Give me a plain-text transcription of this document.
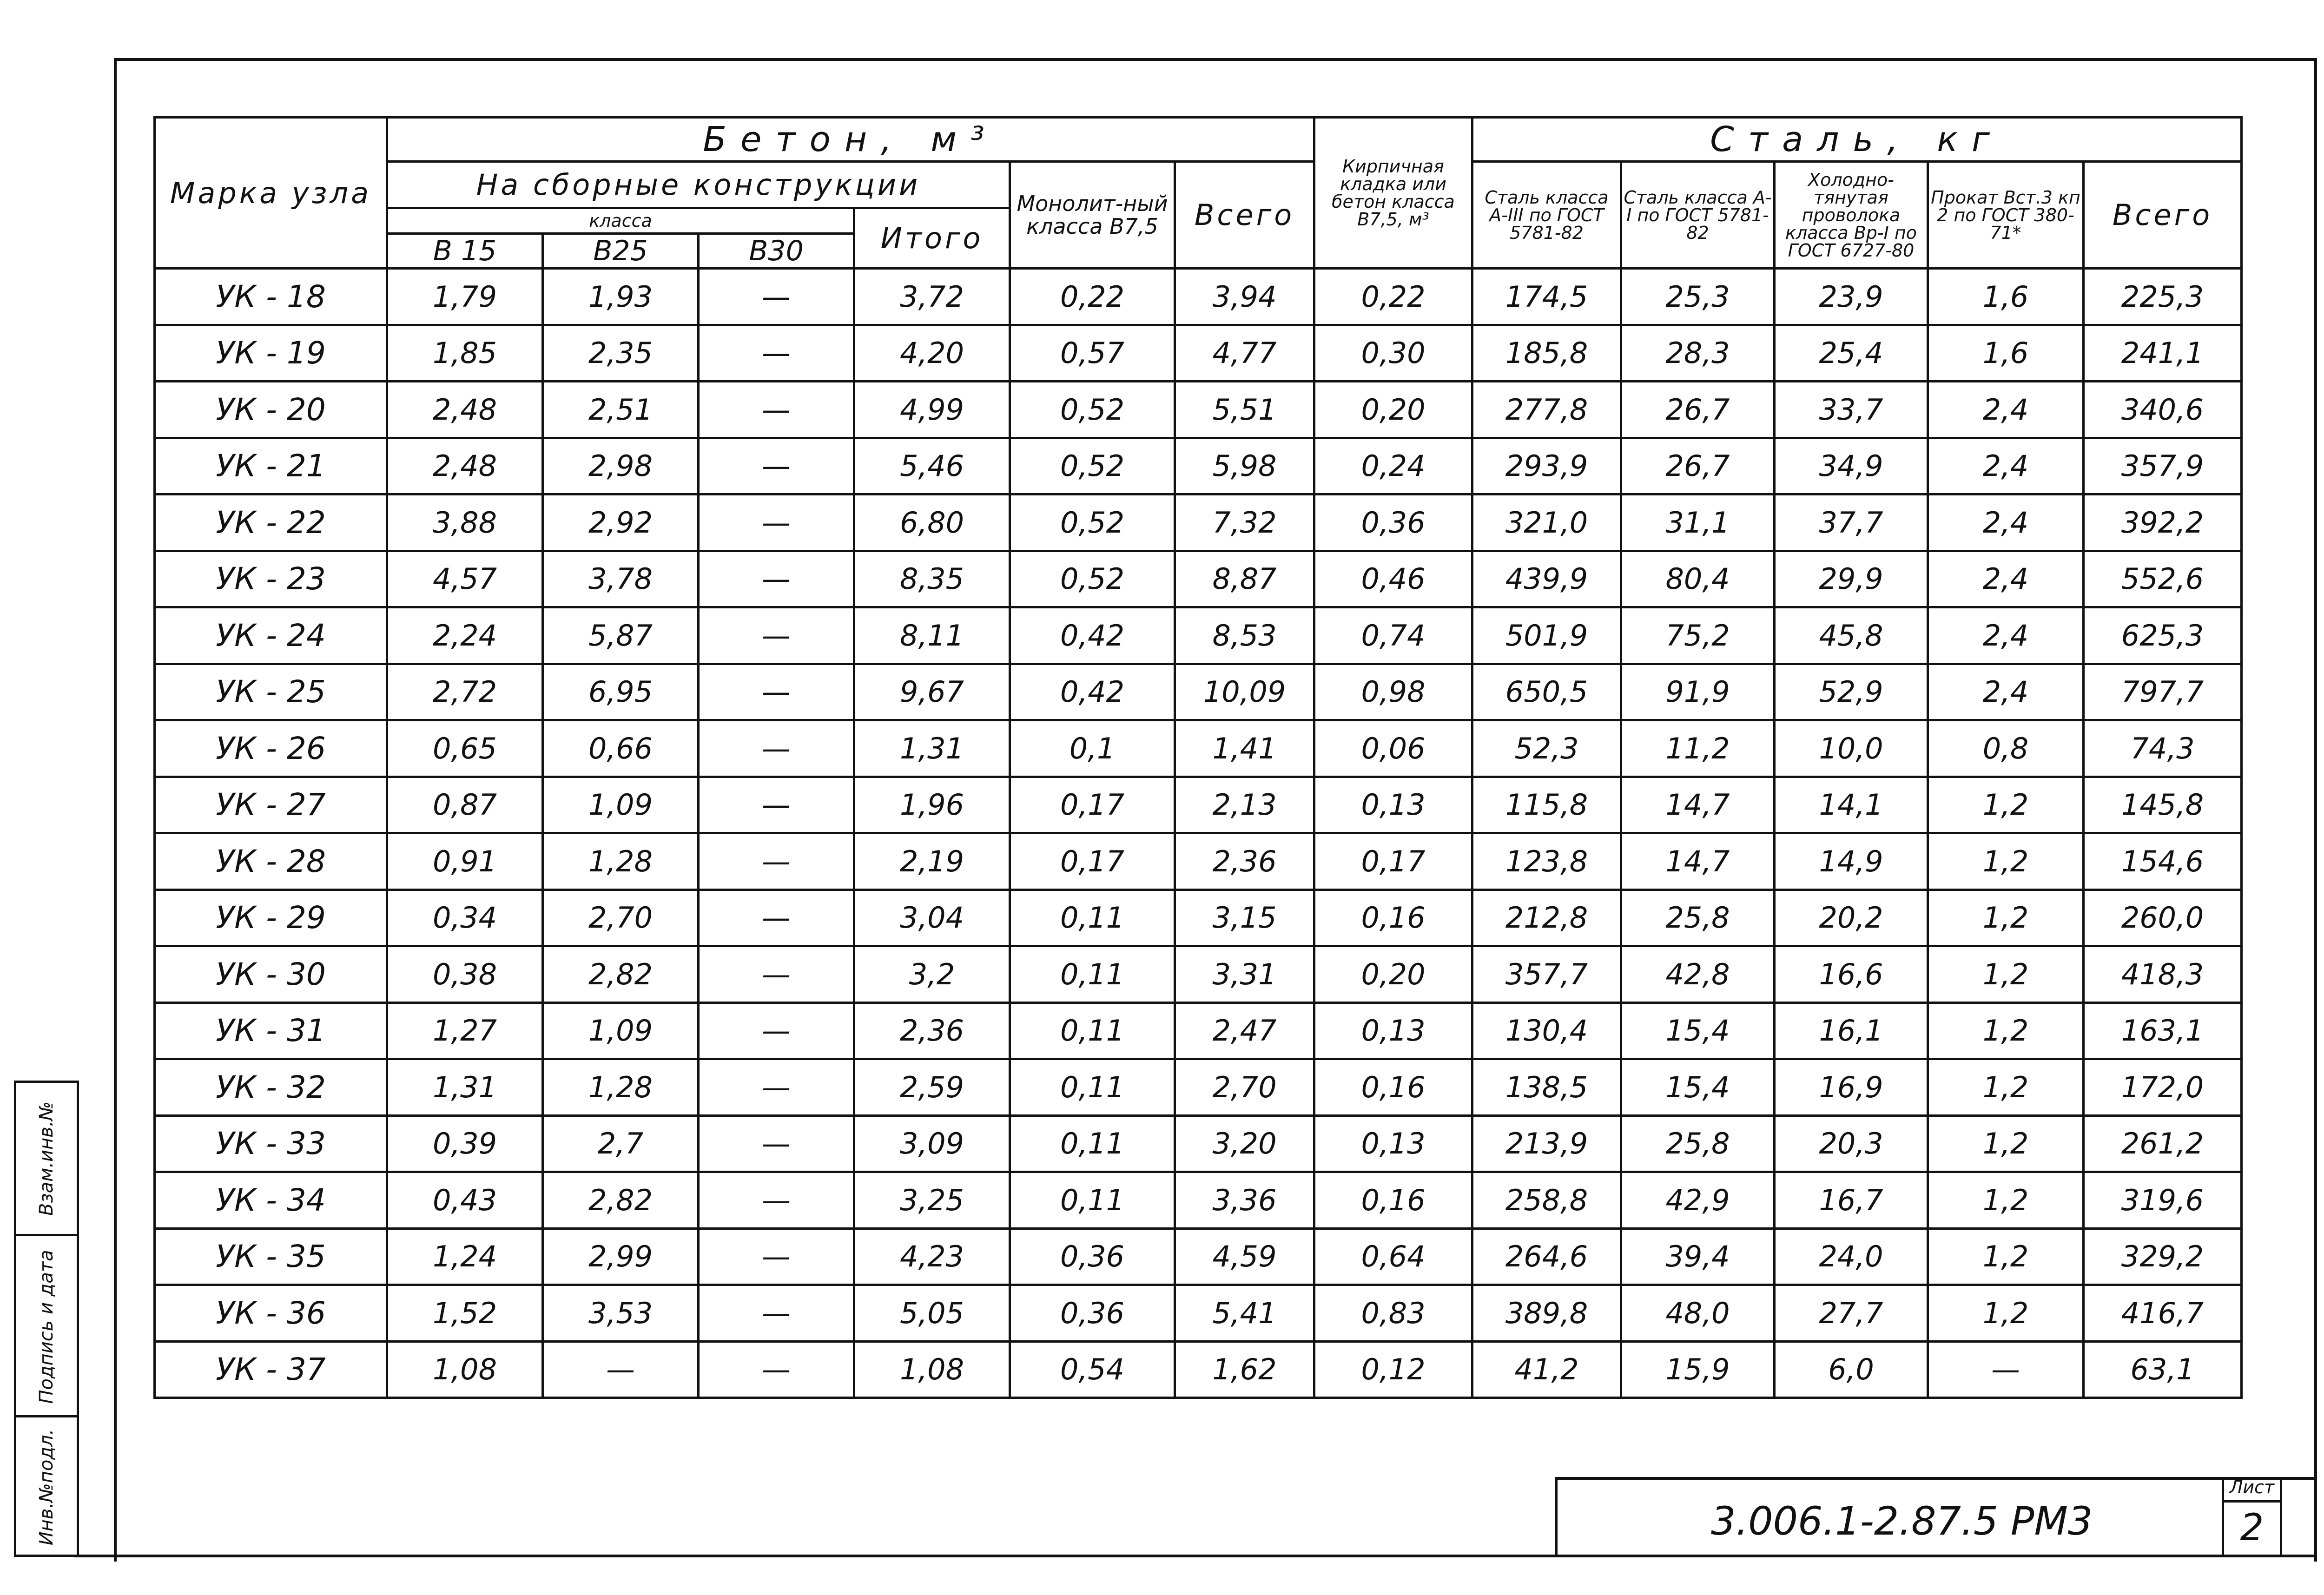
Марка узла	Бетон, м³						Кирпичная кладка или бетон класса В7,5, м³	Сталь, кг				
	На сборные конструкции				Монолит-ный класса В7,5	Всего		Сталь класса А-III по ГОСТ 5781-82	Сталь класса А-I по ГОСТ 5781-82	Холодно-тянутая проволока класса Вр-I по ГОСТ 6727-80	Прокат Вст.3 кп 2 по ГОСТ 380-71*	Всего
	класса			Итого								
	В 15	В25	В30									
УК - 18	1,79	1,93	—	3,72	0,22	3,94	0,22	174,5	25,3	23,9	1,6	225,3
УК - 19	1,85	2,35	—	4,20	0,57	4,77	0,30	185,8	28,3	25,4	1,6	241,1
УК - 20	2,48	2,51	—	4,99	0,52	5,51	0,20	277,8	26,7	33,7	2,4	340,6
УК - 21	2,48	2,98	—	5,46	0,52	5,98	0,24	293,9	26,7	34,9	2,4	357,9
УК - 22	3,88	2,92	—	6,80	0,52	7,32	0,36	321,0	31,1	37,7	2,4	392,2
УК - 23	4,57	3,78	—	8,35	0,52	8,87	0,46	439,9	80,4	29,9	2,4	552,6
УК - 24	2,24	5,87	—	8,11	0,42	8,53	0,74	501,9	75,2	45,8	2,4	625,3
УК - 25	2,72	6,95	—	9,67	0,42	10,09	0,98	650,5	91,9	52,9	2,4	797,7
УК - 26	0,65	0,66	—	1,31	0,1	1,41	0,06	52,3	11,2	10,0	0,8	74,3
УК - 27	0,87	1,09	—	1,96	0,17	2,13	0,13	115,8	14,7	14,1	1,2	145,8
УК - 28	0,91	1,28	—	2,19	0,17	2,36	0,17	123,8	14,7	14,9	1,2	154,6
УК - 29	0,34	2,70	—	3,04	0,11	3,15	0,16	212,8	25,8	20,2	1,2	260,0
УК - 30	0,38	2,82	—	3,2	0,11	3,31	0,20	357,7	42,8	16,6	1,2	418,3
УК - 31	1,27	1,09	—	2,36	0,11	2,47	0,13	130,4	15,4	16,1	1,2	163,1
УК - 32	1,31	1,28	—	2,59	0,11	2,70	0,16	138,5	15,4	16,9	1,2	172,0
УК - 33	0,39	2,7	—	3,09	0,11	3,20	0,13	213,9	25,8	20,3	1,2	261,2
УК - 34	0,43	2,82	—	3,25	0,11	3,36	0,16	258,8	42,9	16,7	1,2	319,6
УК - 35	1,24	2,99	—	4,23	0,36	4,59	0,64	264,6	39,4	24,0	1,2	329,2
УК - 36	1,52	3,53	—	5,05	0,36	5,41	0,83	389,8	48,0	27,7	1,2	416,7
УК - 37	1,08	—	—	1,08	0,54	1,62	0,12	41,2	15,9	6,0	—	63,1
Взам.инв.№
Подпись и дата
Инв.№подл.	3.006.1-2.87.5 РМ3
Лист
2
